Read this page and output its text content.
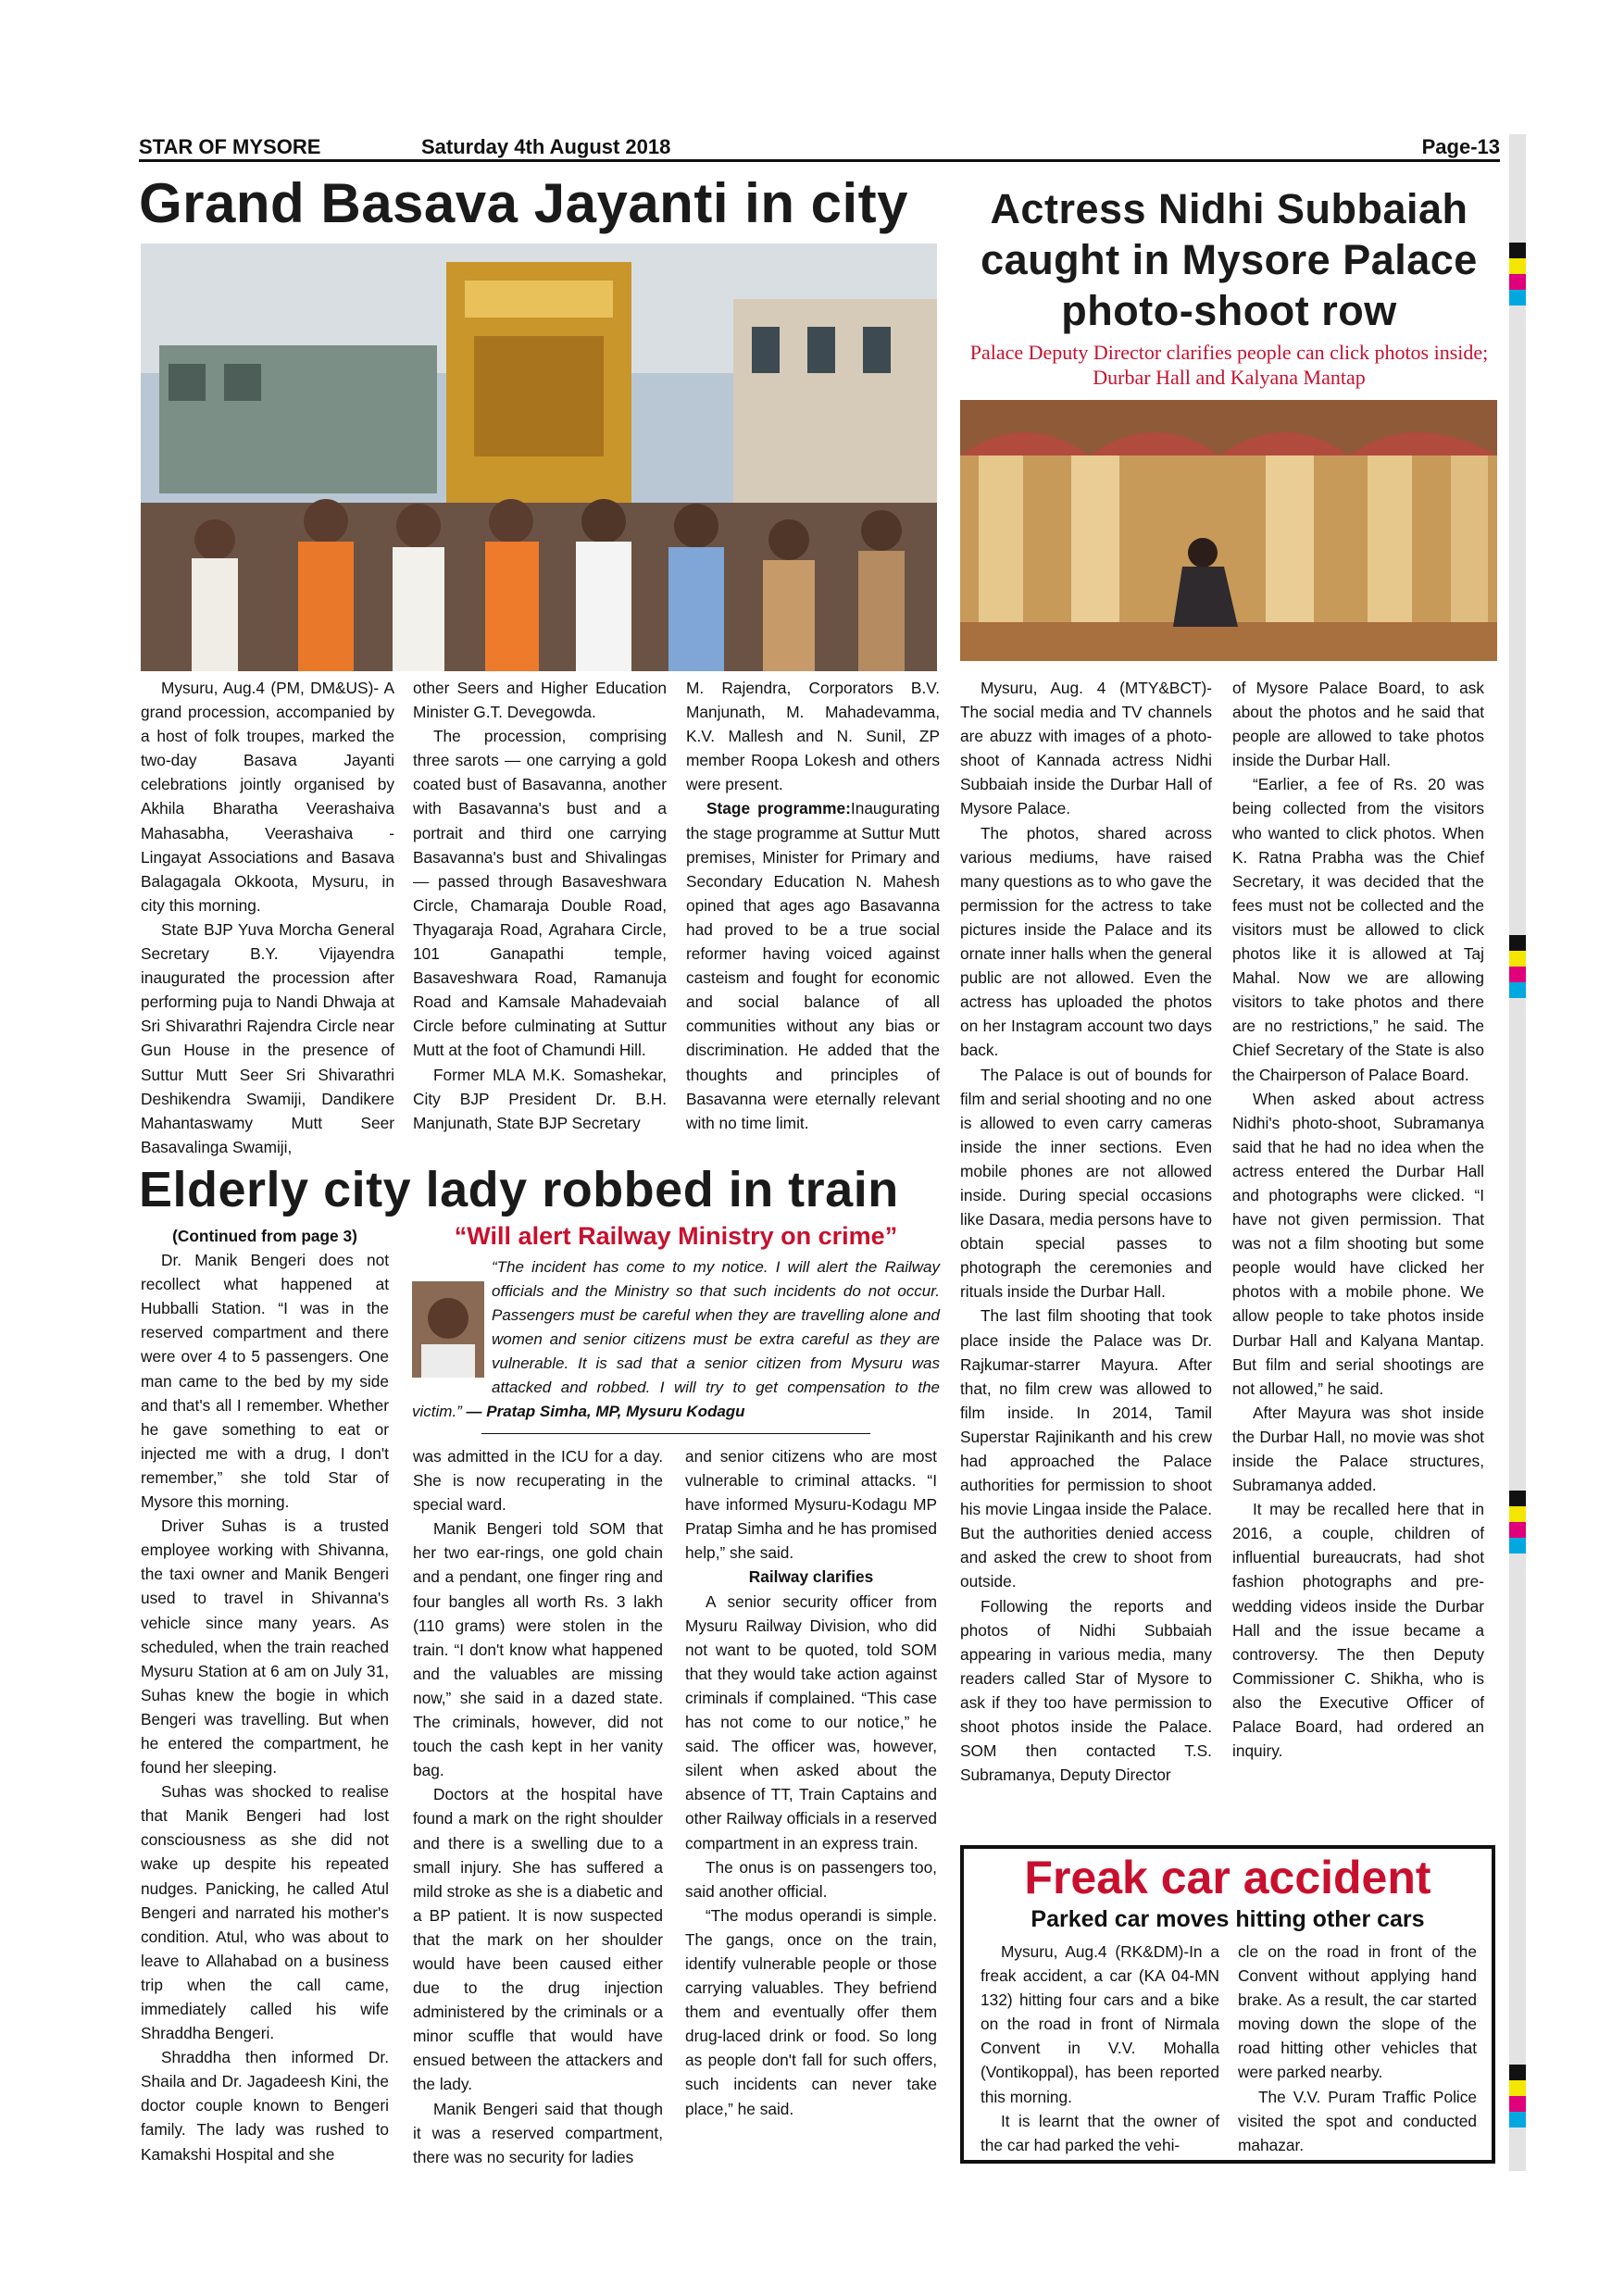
STAR OF MYSORE	Saturday 4th August 2018	Page-13
Grand Basava Jayanti in city

Mysuru, Aug.4 (PM, DM&US)- A grand procession, accompanied by a host of folk troupes, marked the two-day Basava Jayanti celebrations jointly organised by Akhila Bharatha Veerashaiva Mahasabha, Veerashaiva - Lingayat Associations and Basava Balagagala Okkoota, Mysuru, in city this morning.

State BJP Yuva Morcha General Secretary B.Y. Vijayendra inaugurated the procession after performing puja to Nandi Dhwaja at Sri Shivarathri Rajendra Circle near Gun House in the presence of Suttur Mutt Seer Sri Shivarathri Deshikendra Swamiji, Dandikere Mahantaswamy Mutt Seer Basavalinga Swamiji,

other Seers and Higher Education Minister G.T. Devegowda.

The procession, comprising three sarots — one carrying a gold coated bust of Basavanna, another with Basavanna's bust and a portrait and third one carrying Basavanna's bust and Shivalingas — passed through Basaveshwara Circle, Chamaraja Double Road, Thyagaraja Road, Agrahara Circle, 101 Ganapathi temple, Basaveshwara Road, Ramanuja Road and Kamsale Mahadevaiah Circle before culminating at Suttur Mutt at the foot of Chamundi Hill.

Former MLA M.K. Somashekar, City BJP President Dr. B.H. Manjunath, State BJP Secretary

M. Rajendra, Corporators B.V. Manjunath, M. Mahadevamma, K.V. Mallesh and N. Sunil, ZP member Roopa Lokesh and others were present.

Stage programme:Inaugurating the stage programme at Suttur Mutt premises, Minister for Primary and Secondary Education N. Mahesh opined that ages ago Basavanna had proved to be a true social reformer having voiced against casteism and fought for economic and social balance of all communities without any bias or discrimination. He added that the thoughts and principles of Basavanna were eternally relevant with no time limit.

Actress Nidhi Subbaiah
caught in Mysore Palace
photo-shoot row
Palace Deputy Director clarifies people can click photos inside; Durbar Hall and Kalyana Mantap

Mysuru, Aug. 4 (MTY&BCT)- The social media and TV channels are abuzz with images of a photo-shoot of Kannada actress Nidhi Subbaiah inside the Durbar Hall of Mysore Palace.

The photos, shared across various mediums, have raised many questions as to who gave the permission for the actress to take pictures inside the Palace and its ornate inner halls when the general public are not allowed. Even the actress has uploaded the photos on her Instagram account two days back.

The Palace is out of bounds for film and serial shooting and no one is allowed to even carry cameras inside the inner sections. Even mobile phones are not allowed inside. During special occasions like Dasara, media persons have to obtain special passes to photograph the ceremonies and rituals inside the Durbar Hall.

The last film shooting that took place inside the Palace was Dr. Rajkumar-starrer Mayura. After that, no film crew was allowed to film inside. In 2014, Tamil Superstar Rajinikanth and his crew had approached the Palace authorities for permission to shoot his movie Lingaa inside the Palace. But the authorities denied access and asked the crew to shoot from outside.

Following the reports and photos of Nidhi Subbaiah appearing in various media, many readers called Star of Mysore to ask if they too have permission to shoot photos inside the Palace. SOM then contacted T.S. Subramanya, Deputy Director

of Mysore Palace Board, to ask about the photos and he said that people are allowed to take photos inside the Durbar Hall.

“Earlier, a fee of Rs. 20 was being collected from the visitors who wanted to click photos. When K. Ratna Prabha was the Chief Secretary, it was decided that the fees must not be collected and the visitors must be allowed to click photos like it is allowed at Taj Mahal. Now we are allowing visitors to take photos and there are no restrictions,” he said. The Chief Secretary of the State is also the Chairperson of Palace Board.

When asked about actress Nidhi's photo-shoot, Subramanya said that he had no idea when the actress entered the Durbar Hall and photographs were clicked. “I have not given permission. That was not a film shooting but some people would have clicked her photos with a mobile phone. We allow people to take photos inside Durbar Hall and Kalyana Mantap. But film and serial shootings are not allowed,” he said.

After Mayura was shot inside the Durbar Hall, no movie was shot inside the Palace structures, Subramanya added.

It may be recalled here that in 2016, a couple, children of influential bureaucrats, had shot fashion photographs and pre-wedding videos inside the Durbar Hall and the issue became a controversy. The then Deputy Commissioner C. Shikha, who is also the Executive Officer of Palace Board, had ordered an inquiry.

Elderly city lady robbed in train

(Continued from page 3)

Dr. Manik Bengeri does not recollect what happened at Hubballi Station. “I was in the reserved compartment and there were over 4 to 5 passengers. One man came to the bed by my side and that's all I remember. Whether he gave something to eat or injected me with a drug, I don't remember,” she told Star of Mysore this morning.

Driver Suhas is a trusted employee working with Shivanna, the taxi owner and Manik Bengeri used to travel in Shivanna's vehicle since many years. As scheduled, when the train reached Mysuru Station at 6 am on July 31, Suhas knew the bogie in which Bengeri was travelling. But when he entered the compartment, he found her sleeping.

Suhas was shocked to realise that Manik Bengeri had lost consciousness as she did not wake up despite his repeated nudges. Panicking, he called Atul Bengeri and narrated his mother's condition. Atul, who was about to leave to Allahabad on a business trip when the call came, immediately called his wife Shraddha Bengeri.

Shraddha then informed Dr. Shaila and Dr. Jagadeesh Kini, the doctor couple known to Bengeri family. The lady was rushed to Kamakshi Hospital and she

“Will alert Railway Ministry on crime”
“The incident has come to my notice. I will alert the Railway officials and the Ministry so that such incidents do not occur. Passengers must be careful when they are travelling alone and women and senior citizens must be extra careful as they are vulnerable. It is sad that a senior citizen from Mysuru was attacked and robbed. I will try to get compensation to the victim.” — Pratap Simha, MP, Mysuru Kodagu

was admitted in the ICU for a day. She is now recuperating in the special ward.

Manik Bengeri told SOM that her two ear-rings, one gold chain and a pendant, one finger ring and four bangles all worth Rs. 3 lakh (110 grams) were stolen in the train. “I don't know what happened and the valuables are missing now,” she said in a dazed state. The criminals, however, did not touch the cash kept in her vanity bag.

Doctors at the hospital have found a mark on the right shoulder and there is a swelling due to a small injury. She has suffered a mild stroke as she is a diabetic and a BP patient. It is now suspected that the mark on her shoulder would have been caused either due to the drug injection administered by the criminals or a minor scuffle that would have ensued between the attackers and the lady.

Manik Bengeri said that though it was a reserved compartment, there was no security for ladies

and senior citizens who are most vulnerable to criminal attacks. “I have informed Mysuru-Kodagu MP Pratap Simha and he has promised help,” she said.

Railway clarifies

A senior security officer from Mysuru Railway Division, who did not want to be quoted, told SOM that they would take action against criminals if complained. “This case has not come to our notice,” he said. The officer was, however, silent when asked about the absence of TT, Train Captains and other Railway officials in a reserved compartment in an express train.

The onus is on passengers too, said another official.

“The modus operandi is simple. The gangs, once on the train, identify vulnerable people or those carrying valuables. They befriend them and eventually offer them drug-laced drink or food. So long as people don't fall for such offers, such incidents can never take place,” he said.

Freak car accident
Parked car moves hitting other cars

Mysuru, Aug.4 (RK&DM)-In a freak accident, a car (KA 04-MN 132) hitting four cars and a bike on the road in front of Nirmala Convent in V.V. Mohalla (Vontikoppal), has been reported this morning.

It is learnt that the owner of the car had parked the vehi-

cle on the road in front of the Convent without applying hand brake. As a result, the car started moving down the slope of the road hitting other vehicles that were parked nearby.

The V.V. Puram Traffic Police visited the spot and conducted mahazar.
